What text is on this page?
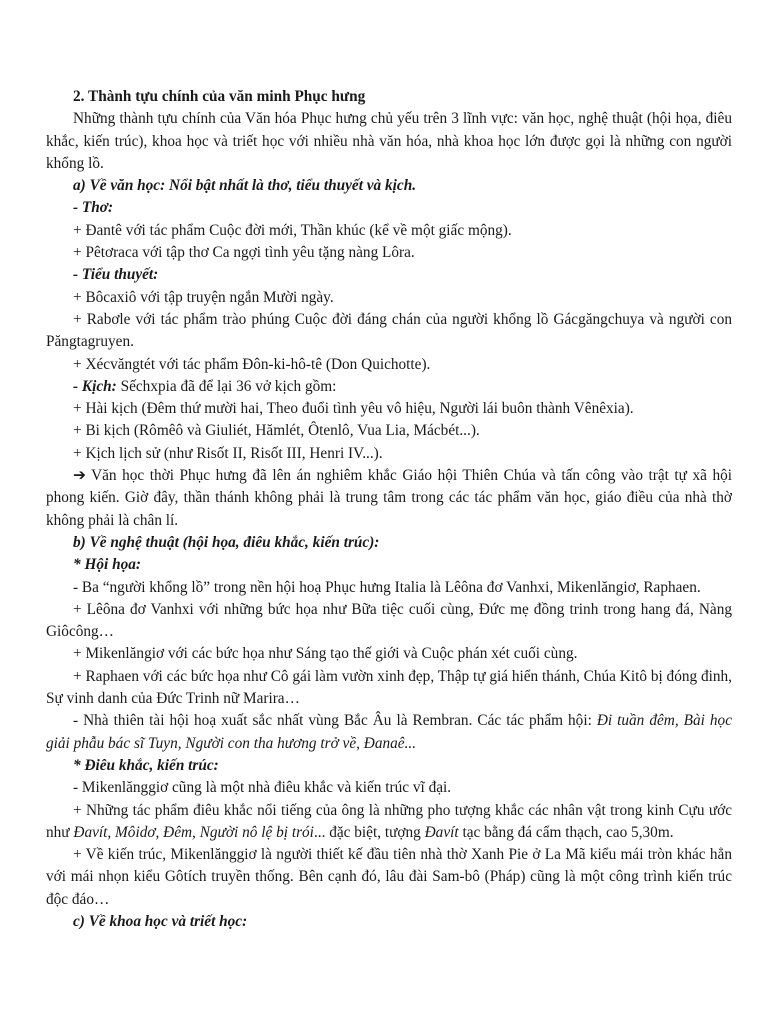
2. Thành tựu chính của văn minh Phục hưng

Những thành tựu chính của Văn hóa Phục hưng chủ yếu trên 3 lĩnh vực: văn học, nghệ thuật (hội họa, điêu khắc, kiến trúc), khoa học và triết học với nhiều nhà văn hóa, nhà khoa học lớn được gọi là những con người khổng lồ.

a) Về văn học: Nổi bật nhất là thơ, tiểu thuyết và kịch.

- Thơ:

+ Đantê với tác phẩm Cuộc đời mới, Thần khúc (kể về một giấc mộng).

+ Pêtơraca với tập thơ Ca ngợi tình yêu tặng nàng Lôra.

- Tiểu thuyết:

+ Bôcaxiô với tập truyện ngắn Mười ngày.

+ Rabơle với tác phẩm trào phúng Cuộc đời đáng chán của người khổng lồ Gácgăngchuya và người con Păngtagruyen.

+ Xécvăngtét với tác phẩm Đôn-ki-hô-tê (Don Quichotte).

- Kịch: Sếchxpia đã để lại 36 vở kịch gồm:

+ Hài kịch (Đêm thứ mười hai, Theo đuổi tình yêu vô hiệu, Người lái buôn thành Vênêxia).

+ Bi kịch (Rômêô và Giuliét, Hămlét, Ôtenlô, Vua Lia, Mácbét...).

+ Kịch lịch sử (như Risốt II, Risốt III, Henri IV...).

➔ Văn học thời Phục hưng đã lên án nghiêm khắc Giáo hội Thiên Chúa và tấn công vào trật tự xã hội phong kiến. Giờ đây, thần thánh không phải là trung tâm trong các tác phẩm văn học, giáo điều của nhà thờ không phải là chân lí.

b) Về nghệ thuật (hội họa, điêu khắc, kiến trúc):

* Hội họa:

- Ba “người khổng lồ” trong nền hội hoạ Phục hưng Italia là Lêôna đơ Vanhxi, Mikenlăngiơ, Raphaen.

+ Lêôna đơ Vanhxi với những bức họa như Bữa tiệc cuối cùng, Đức mẹ đồng trinh trong hang đá, Nàng Giôcông…

+ Mikenlăngiơ với các bức họa như Sáng tạo thế giới và Cuộc phán xét cuối cùng.

+ Raphaen với các bức họa như Cô gái làm vườn xinh đẹp, Thập tự giá hiển thánh, Chúa Kitô bị đóng đinh, Sự vinh danh của Đức Trinh nữ Marira…

- Nhà thiên tài hội hoạ xuất sắc nhất vùng Bắc Âu là Rembran. Các tác phẩm hội: Đi tuần đêm, Bài học giải phẫu bác sĩ Tuyn, Người con tha hương trở về, Đanaê...

* Điêu khắc, kiến trúc:

- Mikenlănggiơ cũng là một nhà điêu khắc và kiến trúc vĩ đại.

+ Những tác phẩm điêu khắc nổi tiếng của ông là những pho tượng khắc các nhân vật trong kinh Cựu ước như Đavít, Môidơ, Đêm, Người nô lệ bị trói... đặc biệt, tượng Đavít tạc bằng đá cẩm thạch, cao 5,30m.

+ Về kiến trúc, Mikenlănggiơ là người thiết kế đầu tiên nhà thờ Xanh Pie ở La Mã kiểu mái tròn khác hẳn với mái nhọn kiểu Gôtích truyền thống. Bên cạnh đó, lâu đài Sam-bô (Pháp) cũng là một công trình kiến trúc độc đáo…

c) Về khoa học và triết học:
